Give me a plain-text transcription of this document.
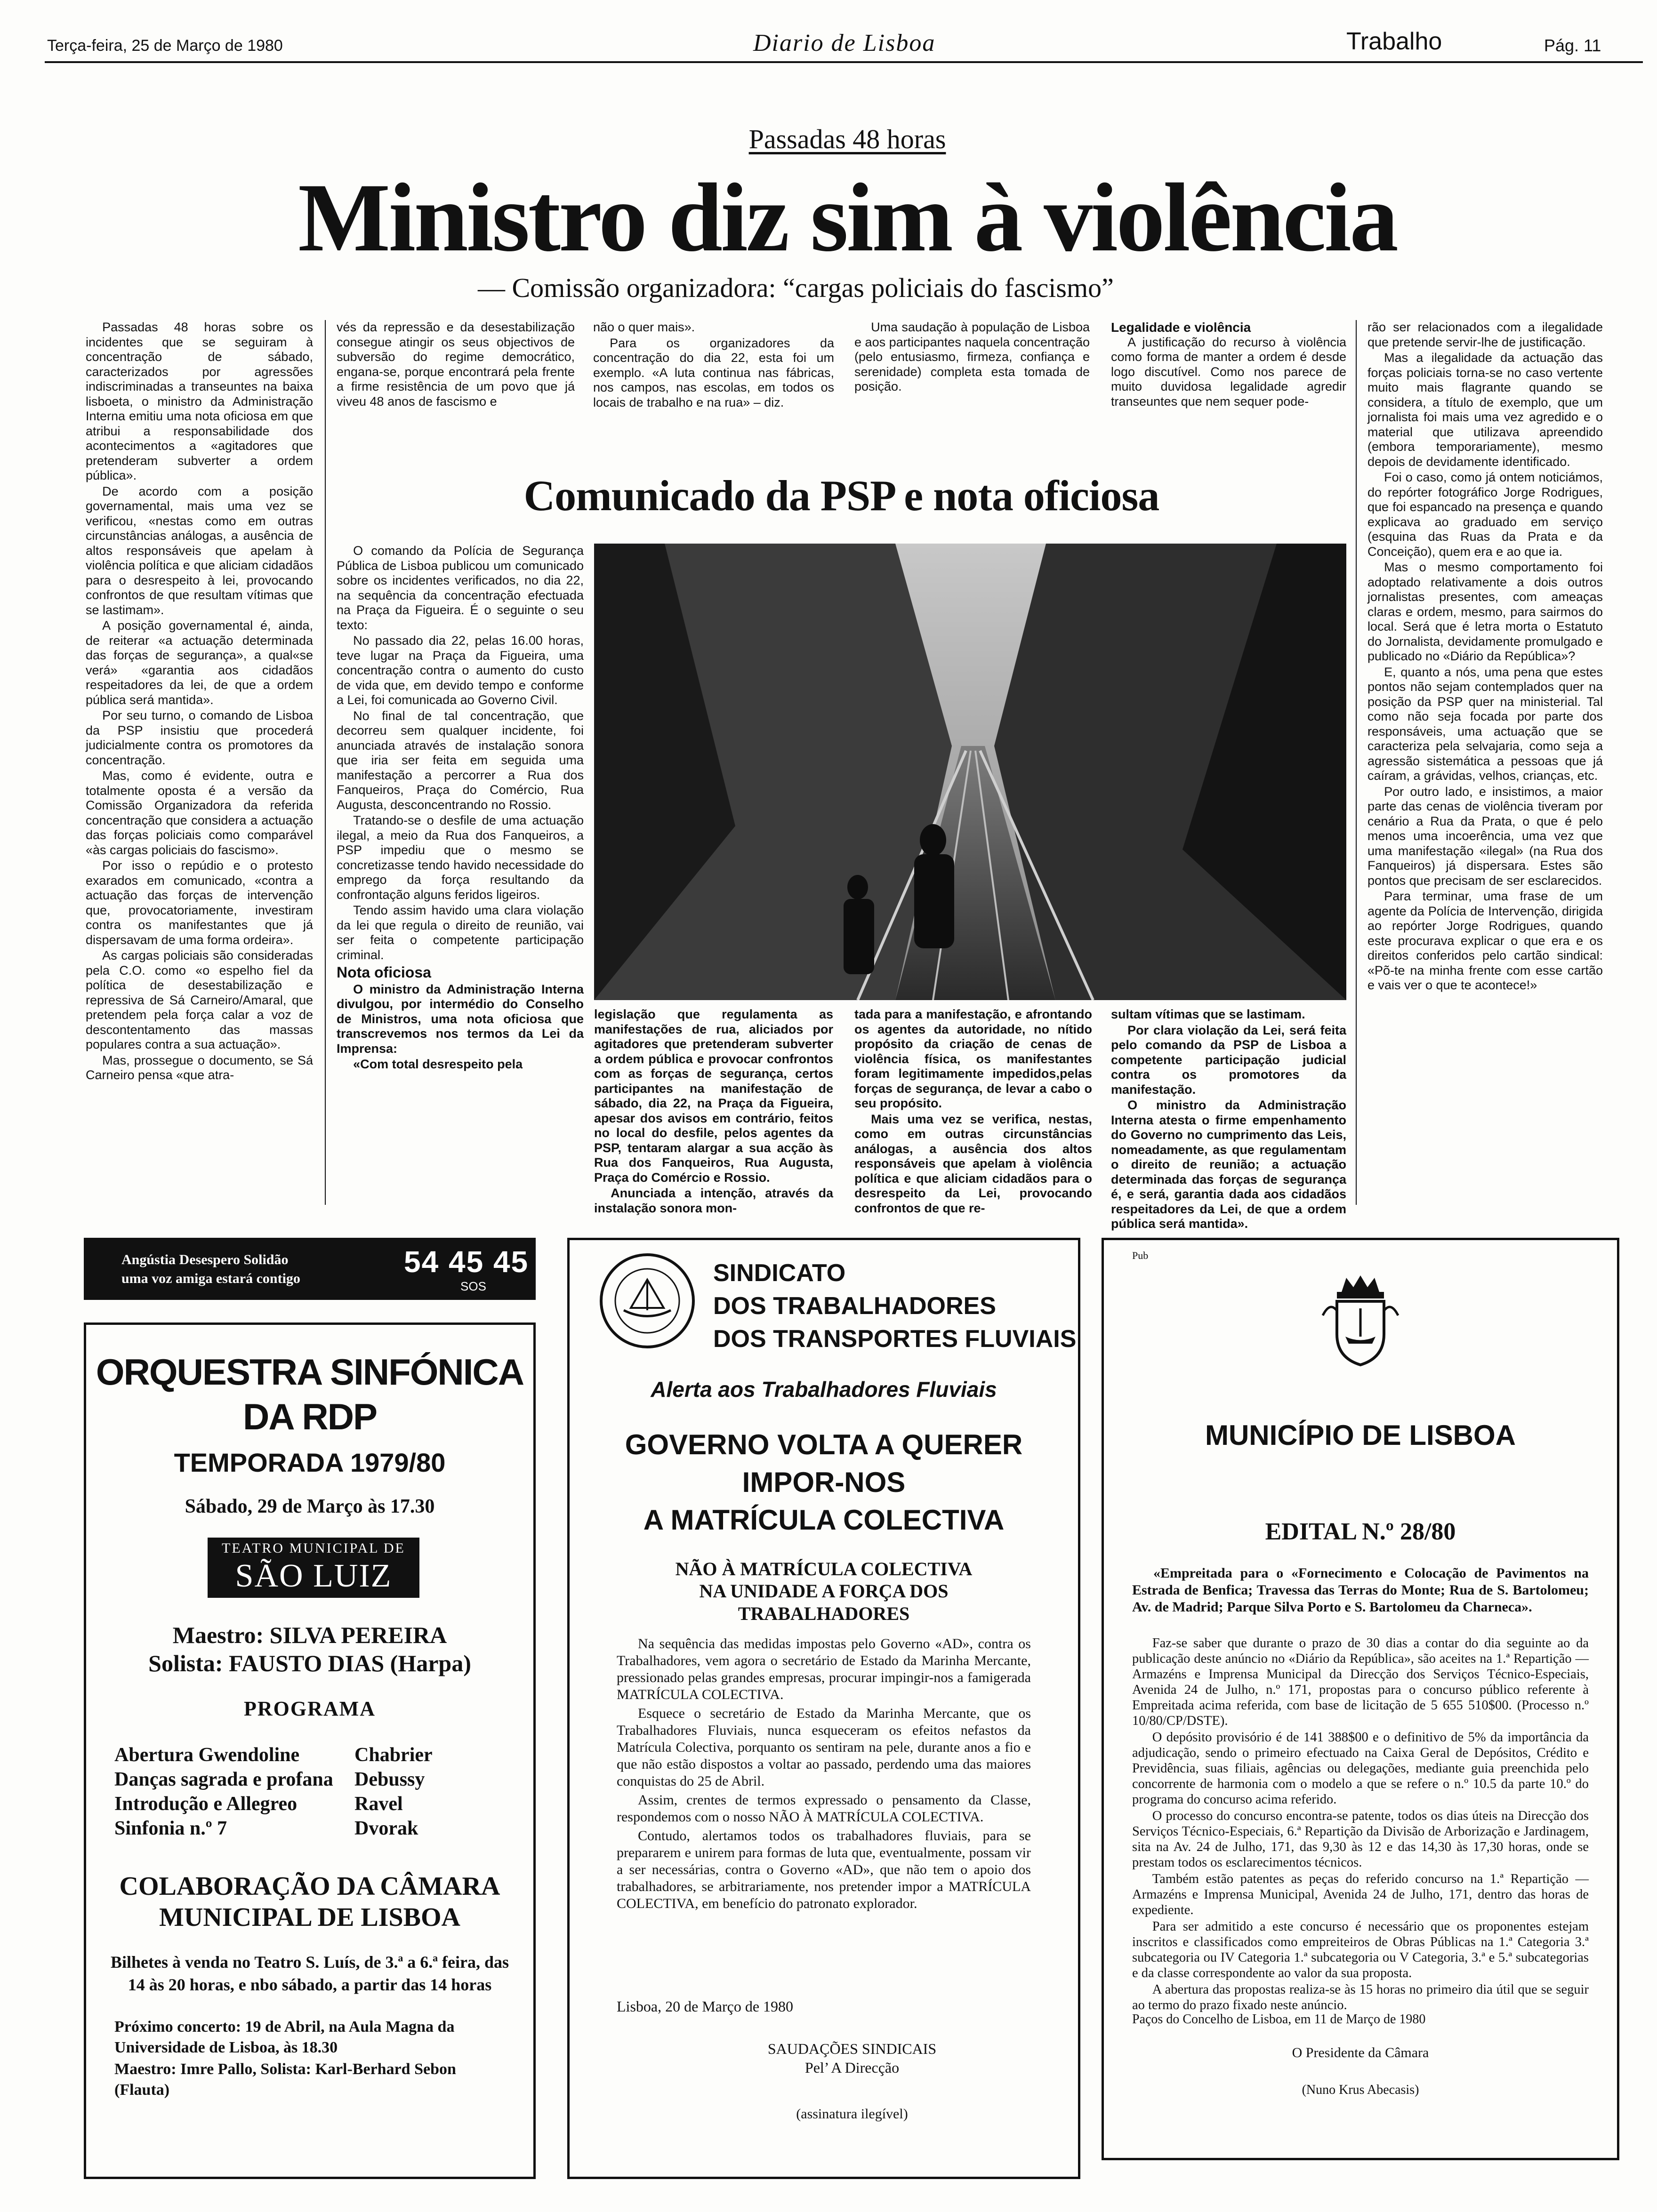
Terça-feira, 25 de Março de 1980	Diario de Lisboa	Trabalho	Pág. 11
Passadas 48 horas
Ministro diz sim à violência
— Comissão organizadora: “cargas policiais do fascismo”

Passadas 48 horas sobre os incidentes que se seguiram à concentração de sábado, caracterizados por agressões indiscriminadas a transeuntes na baixa lisboeta, o ministro da Administração Interna emitiu uma nota oficiosa em que atribui a responsabilidade dos acontecimentos a «agitadores que pretenderam subverter a ordem pública».

De acordo com a posição governamental, mais uma vez se verificou, «nestas como em outras circunstâncias análogas, a ausência de altos responsáveis que apelam à violência política e que aliciam cidadãos para o desrespeito à lei, provocando confrontos de que resultam vítimas que se lastimam».

A posição governamental é, ainda, de reiterar «a actuação determinada das forças de segurança», a qual«se verá» «garantia aos cidadãos respeitadores da lei, de que a ordem pública será mantida».

Por seu turno, o comando de Lisboa da PSP insistiu que procederá judicialmente contra os promotores da concentração.

Mas, como é evidente, outra e totalmente oposta é a versão da Comissão Organizadora da referida concentração que considera a actuação das forças policiais como comparável «às cargas policiais do fascismo».

Por isso o repúdio e o protesto exarados em comunicado, «contra a actuação das forças de intervenção que, provocatoriamente, investiram contra os manifestantes que já dispersavam de uma forma ordeira».

As cargas policiais são consideradas pela C.O. como «o espelho fiel da política de desestabilização e repressiva de Sá Carneiro/Amaral, que pretendem pela força calar a voz de descontentamento das massas populares contra a sua actuação».

Mas, prossegue o documento, se Sá Carneiro pensa «que atra-

vés da repressão e da desestabilização consegue atingir os seus objectivos de subversão do regime democrático, engana-se, porque encontrará pela frente a firme resistência de um povo que já viveu 48 anos de fascismo e

não o quer mais».

Para os organizadores da concentração do dia 22, esta foi um exemplo. «A luta continua nas fábricas, nos campos, nas escolas, em todos os locais de trabalho e na rua» – diz.

Uma saudação à população de Lisboa e aos participantes naquela concentração (pelo entusiasmo, firmeza, confiança e serenidade) completa esta tomada de posição.

Legalidade e violência

A justificação do recurso à violência como forma de manter a ordem é desde logo discutível. Como nos parece de muito duvidosa legalidade agredir transeuntes que nem sequer pode-

rão ser relacionados com a ilegalidade que pretende servir-lhe de justificação.

Mas a ilegalidade da actuação das forças policiais torna-se no caso vertente muito mais flagrante quando se considera, a título de exemplo, que um jornalista foi mais uma vez agredido e o material que utilizava apreendido (embora temporariamente), mesmo depois de devidamente identificado.

Foi o caso, como já ontem noticiámos, do repórter fotográfico Jorge Rodrigues, que foi espancado na presença e quando explicava ao graduado em serviço (esquina das Ruas da Prata e da Conceição), quem era e ao que ia.

Mas o mesmo comportamento foi adoptado relativamente a dois outros jornalistas presentes, com ameaças claras e ordem, mesmo, para sairmos do local. Será que é letra morta o Estatuto do Jornalista, devidamente promulgado e publicado no «Diário da República»?

E, quanto a nós, uma pena que estes pontos não sejam contemplados quer na posição da PSP quer na ministerial. Tal como não seja focada por parte dos responsáveis, uma actuação que se caracteriza pela selvajaria, como seja a agressão sistemática a pessoas que já caíram, a grávidas, velhos, crianças, etc.

Por outro lado, e insistimos, a maior parte das cenas de violência tiveram por cenário a Rua da Prata, o que é pelo menos uma incoerência, uma vez que uma manifestação «ilegal» (na Rua dos Fanqueiros) já dispersara. Estes são pontos que precisam de ser esclarecidos.

Para terminar, uma frase de um agente da Polícia de Intervenção, dirigida ao repórter Jorge Rodrigues, quando este procurava explicar o que era e os direitos conferidos pelo cartão sindical: «Põ-te na minha frente com esse cartão e vais ver o que te acontece!»

Comunicado da PSP e nota oficiosa

O comando da Polícia de Segurança Pública de Lisboa publicou um comunicado sobre os incidentes verificados, no dia 22, na sequência da concentração efectuada na Praça da Figueira. É o seguinte o seu texto:

No passado dia 22, pelas 16.00 horas, teve lugar na Praça da Figueira, uma concentração contra o aumento do custo de vida que, em devido tempo e conforme a Lei, foi comunicada ao Governo Civil.

No final de tal concentração, que decorreu sem qualquer incidente, foi anunciada através de instalação sonora que iria ser feita em seguida uma manifestação a percorrer a Rua dos Fanqueiros, Praça do Comércio, Rua Augusta, desconcentrando no Rossio.

Tratando-se o desfile de uma actuação ilegal, a meio da Rua dos Fanqueiros, a PSP impediu que o mesmo se concretizasse tendo havido necessidade do emprego da força resultando da confrontação alguns feridos ligeiros.

Tendo assim havido uma clara violação da lei que regula o direito de reunião, vai ser feita o competente participação criminal.

Nota oficiosa

O ministro da Administração Interna divulgou, por intermédio do Conselho de Ministros, uma nota oficiosa que transcrevemos nos termos da Lei da Imprensa:

«Com total desrespeito pela

legislação que regulamenta as manifestações de rua, aliciados por agitadores que pretenderam subverter a ordem pública e provocar confrontos com as forças de segurança, certos participantes na manifestação de sábado, dia 22, na Praça da Figueira, apesar dos avisos em contrário, feitos no local do desfile, pelos agentes da PSP, tentaram alargar a sua acção às Rua dos Fanqueiros, Rua Augusta, Praça do Comércio e Rossio.

Anunciada a intenção, através da instalação sonora mon-

tada para a manifestação, e afrontando os agentes da autoridade, no nítido propósito da criação de cenas de violência física, os manifestantes foram legitimamente impedidos,pelas forças de segurança, de levar a cabo o seu propósito.

Mais uma vez se verifica, nestas, como em outras circunstâncias análogas, a ausência dos altos responsáveis que apelam à violência política e que aliciam cidadãos para o desrespeito da Lei, provocando confrontos de que re-

sultam vítimas que se lastimam.

Por clara violação da Lei, será feita pelo comando da PSP de Lisboa a competente participação judicial contra os promotores da manifestação.

O ministro da Administração Interna atesta o firme empenhamento do Governo no cumprimento das Leis, nomeadamente, as que regulamentam o direito de reunião; a actuação determinada das forças de segurança é, e será, garantia dada aos cidadãos respeitadores da Lei, de que a ordem pública será mantida».

Angústia Desespero Solidão
uma voz amiga estará contigo	54 45 45
SOS
ORQUESTRA SINFÓNICA
DA RDP
TEMPORADA 1979/80
Sábado, 29 de Março às 17.30
TEATRO MUNICIPAL DE
SÃO LUIZ
Maestro: SILVA PEREIRA
Solista: FAUSTO DIAS (Harpa)
PROGRAMA
Abertura Gwendoline	Chabrier
Danças sagrada e profana	Debussy
Introdução e Allegreo	Ravel
Sinfonia n.º 7	Dvorak
COLABORAÇÃO DA CÂMARA MUNICIPAL DE LISBOA
Bilhetes à venda no Teatro S. Luís, de 3.ª a 6.ª feira, das 14 às 20 horas, e nbo sábado, a partir das 14 horas
Próximo concerto: 19 de Abril, na Aula Magna da Universidade de Lisboa, às 18.30
Maestro: Imre Pallo, Solista: Karl-Berhard Sebon (Flauta)
SINDICATO
DOS TRABALHADORES
DOS TRANSPORTES FLUVIAIS
Alerta aos Trabalhadores Fluviais
GOVERNO VOLTA A QUERER
IMPOR-NOS
A MATRÍCULA COLECTIVA
NÃO À MATRÍCULA COLECTIVA
NA UNIDADE A FORÇA DOS TRABALHADORES

Na sequência das medidas impostas pelo Governo «AD», contra os Trabalhadores, vem agora o secretário de Estado da Marinha Mercante, pressionado pelas grandes empresas, procurar impingir-nos a famigerada MATRÍCULA COLECTIVA.

Esquece o secretário de Estado da Marinha Mercante, que os Trabalhadores Fluviais, nunca esqueceram os efeitos nefastos da Matrícula Colectiva, porquanto os sentiram na pele, durante anos a fio e que não estão dispostos a voltar ao passado, perdendo uma das maiores conquistas do 25 de Abril.

Assim, crentes de termos expressado o pensamento da Classe, respondemos com o nosso NÃO À MATRÍCULA COLECTIVA.

Contudo, alertamos todos os trabalhadores fluviais, para se prepararem e unirem para formas de luta que, eventualmente, possam vir a ser necessárias, contra o Governo «AD», que não tem o apoio dos trabalhadores, se arbitrariamente, nos pretender impor a MATRÍCULA COLECTIVA, em benefício do patronato explorador.

Lisboa, 20 de Março de 1980
SAUDAÇÕES SINDICAIS
Pel’ A Direcção
(assinatura ilegível)
Pub
MUNICÍPIO DE LISBOA
EDITAL N.º 28/80
«Empreitada para o «Fornecimento e Colocação de Pavimentos na Estrada de Benfica; Travessa das Terras do Monte; Rua de S. Bartolomeu; Av. de Madrid; Parque Silva Porto e S. Bartolomeu da Charneca».

Faz-se saber que durante o prazo de 30 dias a contar do dia seguinte ao da publicação deste anúncio no «Diário da República», são aceites na 1.ª Repartição — Armazéns e Imprensa Municipal da Direcção dos Serviços Técnico-Especiais, Avenida 24 de Julho, n.º 171, propostas para o concurso público referente à Empreitada acima referida, com base de licitação de 5 655 510$00. (Processo n.º 10/80/CP/DSTE).

O depósito provisório é de 141 388$00 e o definitivo de 5% da importância da adjudicação, sendo o primeiro efectuado na Caixa Geral de Depósitos, Crédito e Previdência, suas filiais, agências ou delegações, mediante guia preenchida pelo concorrente de harmonia com o modelo a que se refere o n.º 10.5 da parte 10.º do programa do concurso acima referido.

O processo do concurso encontra-se patente, todos os dias úteis na Direcção dos Serviços Técnico-Especiais, 6.ª Repartição da Divisão de Arborização e Jardinagem, sita na Av. 24 de Julho, 171, das 9,30 às 12 e das 14,30 às 17,30 horas, onde se prestam todos os esclarecimentos técnicos.

Também estão patentes as peças do referido concurso na 1.ª Repartição — Armazéns e Imprensa Municipal, Avenida 24 de Julho, 171, dentro das horas de expediente.

Para ser admitido a este concurso é necessário que os proponentes estejam inscritos e classificados como empreiteiros de Obras Públicas na 1.ª Categoria 3.ª subcategoria ou IV Categoria 1.ª subcategoria ou V Categoria, 3.ª e 5.ª subcategorias e da classe correspondente ao valor da sua proposta.

A abertura das propostas realiza-se às 15 horas no primeiro dia útil que se seguir ao termo do prazo fixado neste anúncio.

Paços do Concelho de Lisboa, em 11 de Março de 1980
O Presidente da Câmara
(Nuno Krus Abecasis)
